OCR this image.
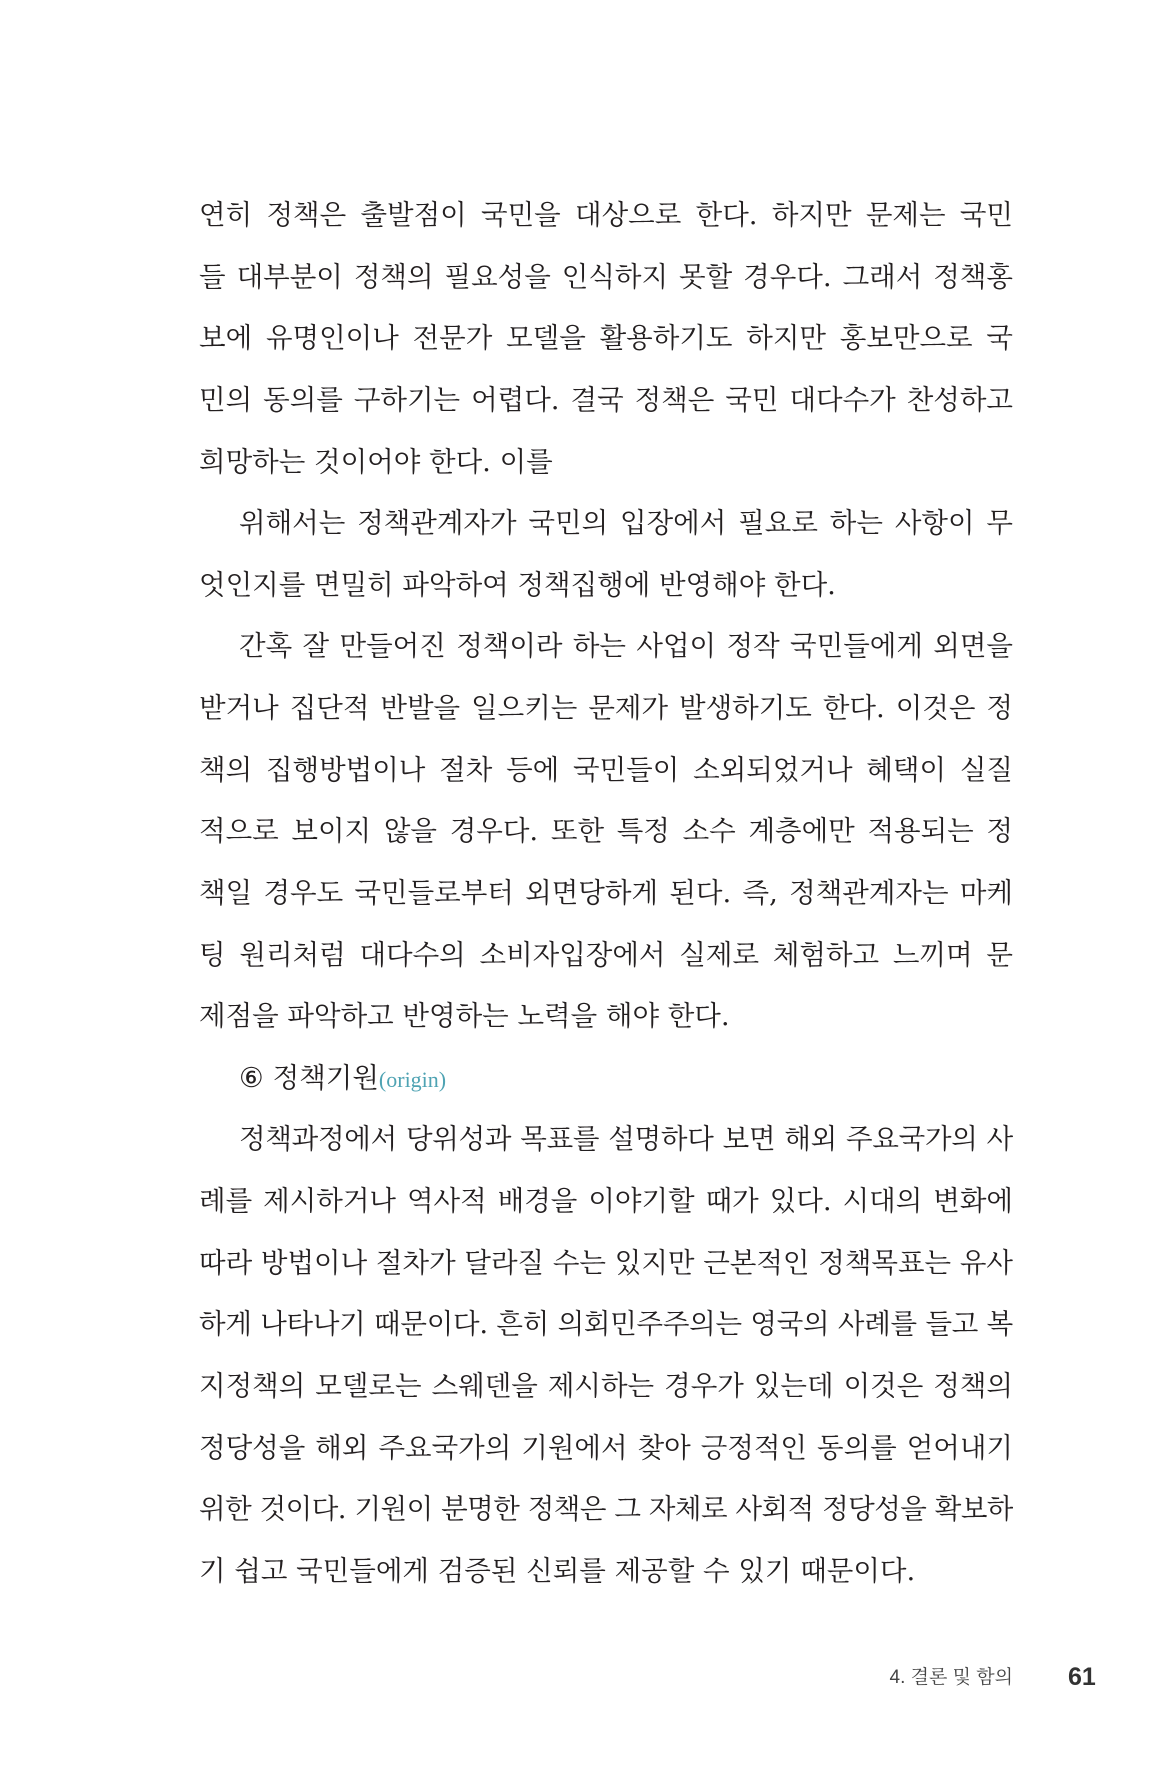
연히 정책은 출발점이 국민을 대상으로 한다. 하지만 문제는 국민
들 대부분이 정책의 필요성을 인식하지 못할 경우다. 그래서 정책홍
보에 유명인이나 전문가 모델을 활용하기도 하지만 홍보만으로 국
민의 동의를 구하기는 어렵다. 결국 정책은 국민 대다수가 찬성하고
희망하는 것이어야 한다. 이를
위해서는 정책관계자가 국민의 입장에서 필요로 하는 사항이 무
엇인지를 면밀히 파악하여 정책집행에 반영해야 한다.
간혹 잘 만들어진 정책이라 하는 사업이 정작 국민들에게 외면을
받거나 집단적 반발을 일으키는 문제가 발생하기도 한다. 이것은 정
책의 집행방법이나 절차 등에 국민들이 소외되었거나 혜택이 실질
적으로 보이지 않을 경우다. 또한 특정 소수 계층에만 적용되는 정
책일 경우도 국민들로부터 외면당하게 된다. 즉, 정책관계자는 마케
팅 원리처럼 대다수의 소비자입장에서 실제로 체험하고 느끼며 문
제점을 파악하고 반영하는 노력을 해야 한다.
⑥ 정책기원(origin)
정책과정에서 당위성과 목표를 설명하다 보면 해외 주요국가의 사
례를 제시하거나 역사적 배경을 이야기할 때가 있다. 시대의 변화에
따라 방법이나 절차가 달라질 수는 있지만 근본적인 정책목표는 유사
하게 나타나기 때문이다. 흔히 의회민주주의는 영국의 사례를 들고 복
지정책의 모델로는 스웨덴을 제시하는 경우가 있는데 이것은 정책의
정당성을 해외 주요국가의 기원에서 찾아 긍정적인 동의를 얻어내기
위한 것이다. 기원이 분명한 정책은 그 자체로 사회적 정당성을 확보하
기 쉽고 국민들에게 검증된 신뢰를 제공할 수 있기 때문이다.
4. 결론 및 함의 61
